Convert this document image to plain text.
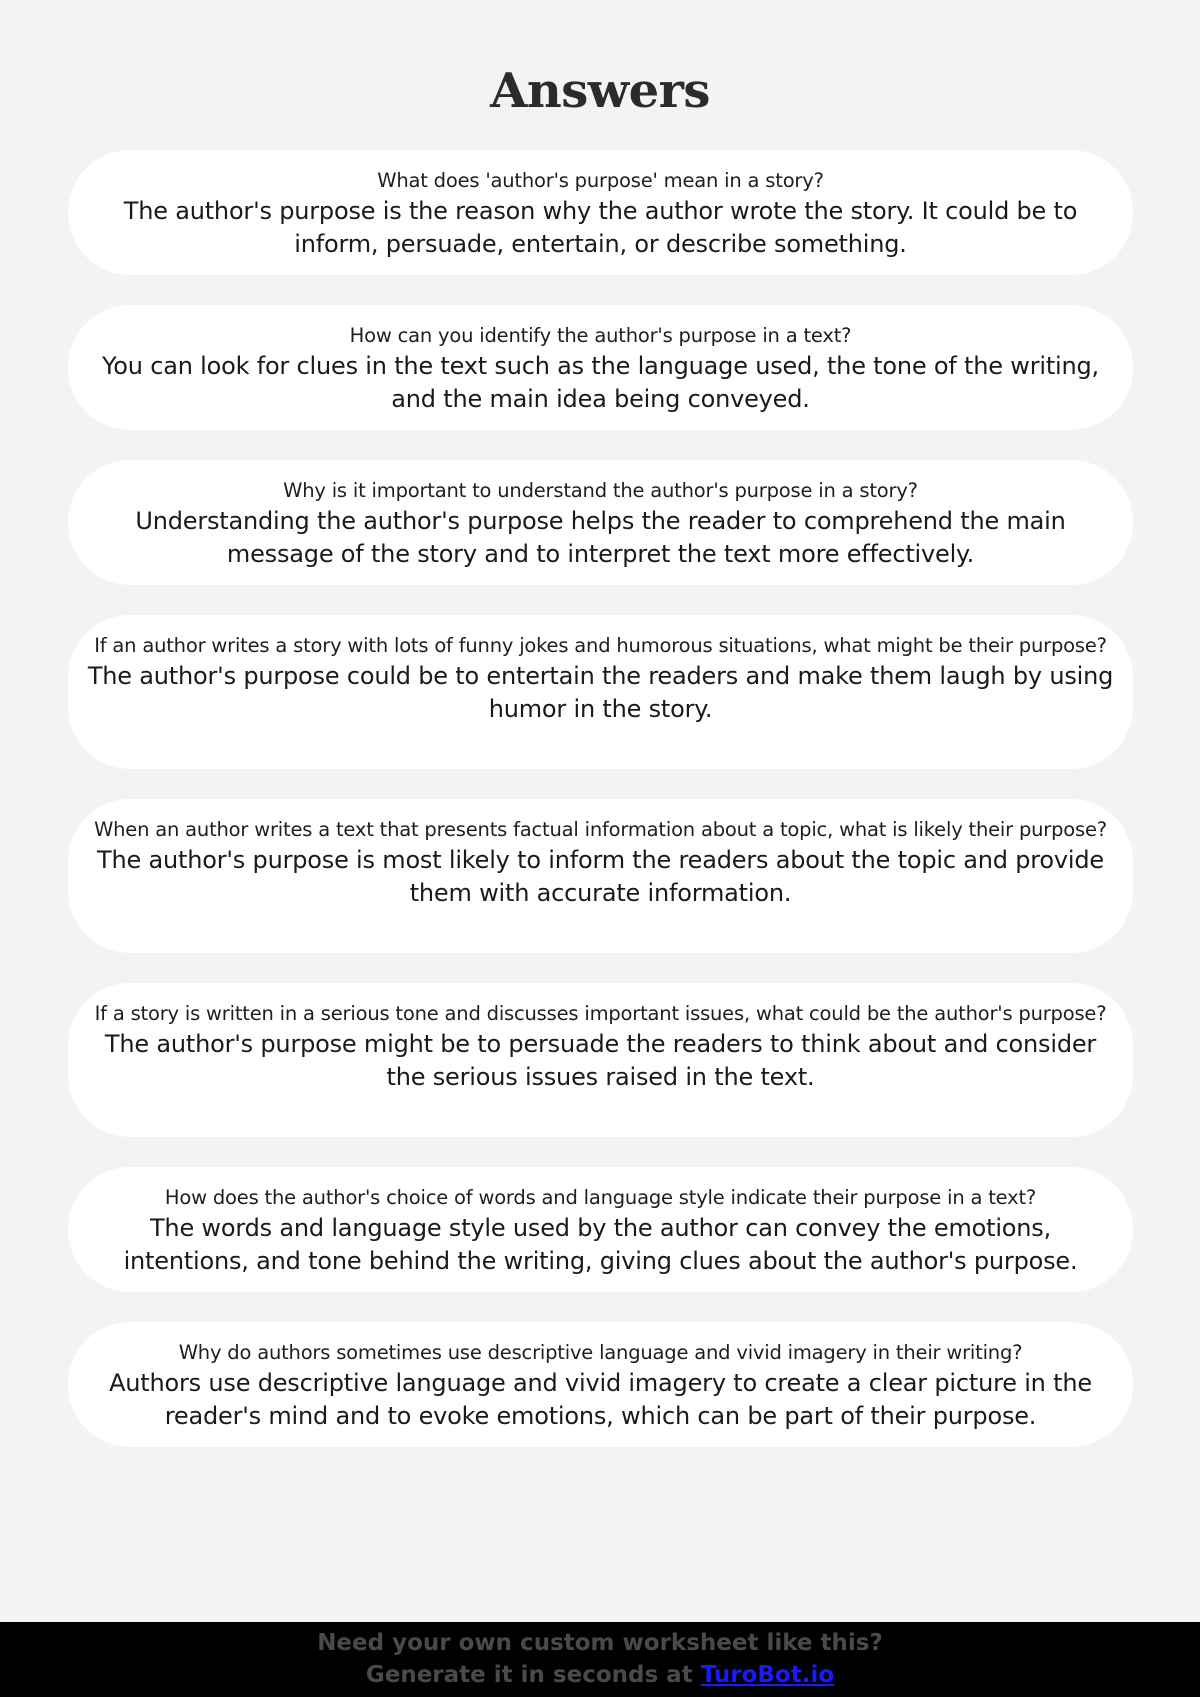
Answers
What does 'author's purpose' mean in a story?
The author's purpose is the reason why the author wrote the story. It could be to inform, persuade, entertain, or describe something.
How can you identify the author's purpose in a text?
You can look for clues in the text such as the language used, the tone of the writing, and the main idea being conveyed.
Why is it important to understand the author's purpose in a story?
Understanding the author's purpose helps the reader to comprehend the main message of the story and to interpret the text more effectively.
If an author writes a story with lots of funny jokes and humorous situations, what might be their purpose?
The author's purpose could be to entertain the readers and make them laugh by using humor in the story.
When an author writes a text that presents factual information about a topic, what is likely their purpose?
The author's purpose is most likely to inform the readers about the topic and provide them with accurate information.
If a story is written in a serious tone and discusses important issues, what could be the author's purpose?
The author's purpose might be to persuade the readers to think about and consider the serious issues raised in the text.
How does the author's choice of words and language style indicate their purpose in a text?
The words and language style used by the author can convey the emotions, intentions, and tone behind the writing, giving clues about the author's purpose.
Why do authors sometimes use descriptive language and vivid imagery in their writing?
Authors use descriptive language and vivid imagery to create a clear picture in the reader's mind and to evoke emotions, which can be part of their purpose.
Need your own custom worksheet like this?
Generate it in seconds at TuroBot.io
